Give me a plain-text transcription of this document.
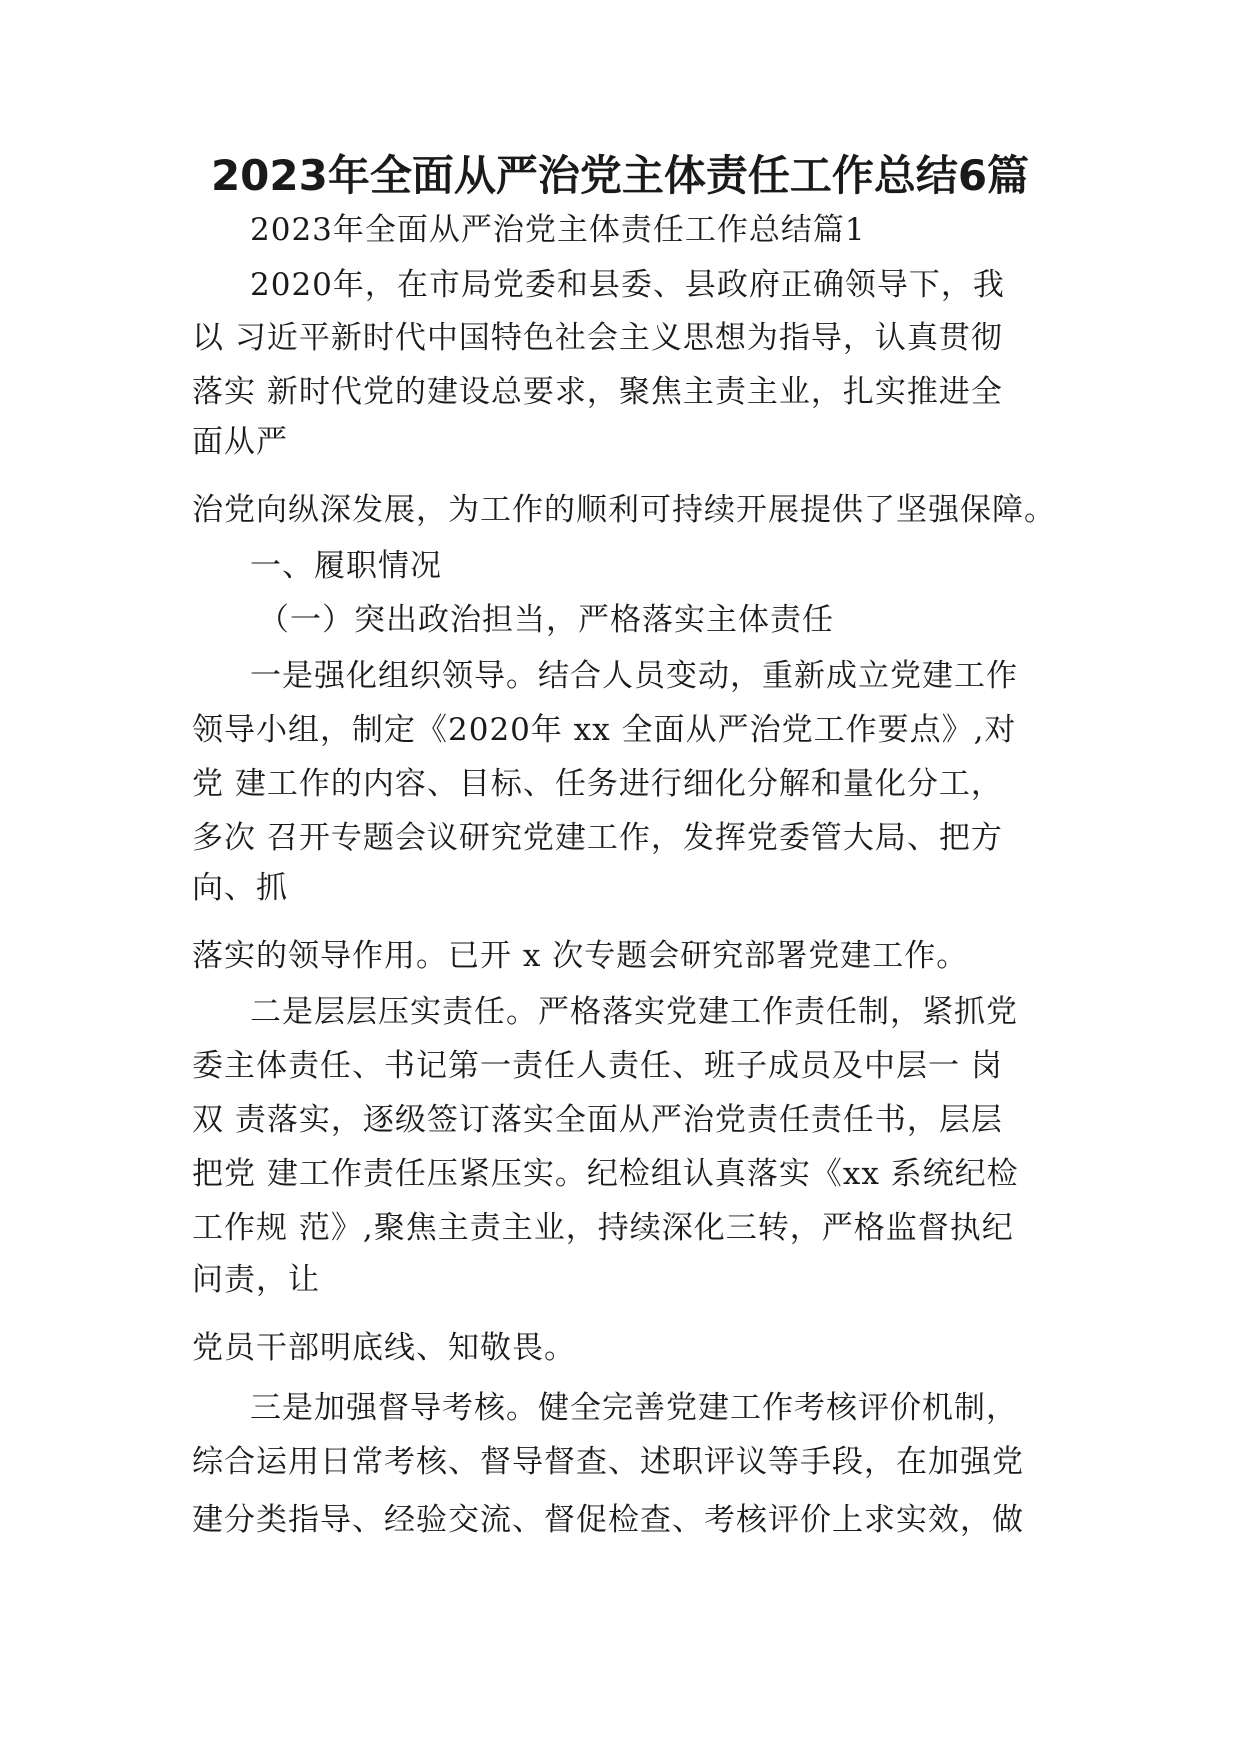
2023年全面从严治党主体责任工作总结6篇

2023年全面从严治党主体责任工作总结篇1

2020年，在市局党委和县委、县政府正确领导下，我

以 习近平新时代中国特色社会主义思想为指导，认真贯彻

落实 新时代党的建设总要求，聚焦主责主业，扎实推进全

面从严

治党向纵深发展，为工作的顺利可持续开展提供了坚强保障。

一、履职情况

（一）突出政治担当，严格落实主体责任

一是强化组织领导。结合人员变动，重新成立党建工作

领导小组，制定《2020年 xx 全面从严治党工作要点》,对

党 建工作的内容、目标、任务进行细化分解和量化分工，

多次 召开专题会议研究党建工作，发挥党委管大局、把方

向、抓

落实的领导作用。已开 x 次专题会研究部署党建工作。

二是层层压实责任。严格落实党建工作责任制，紧抓党

委主体责任、书记第一责任人责任、班子成员及中层一 岗

双 责落实，逐级签订落实全面从严治党责任责任书，层层

把党 建工作责任压紧压实。纪检组认真落实《xx 系统纪检

工作规 范》,聚焦主责主业，持续深化三转，严格监督执纪

问责，让

党员干部明底线、知敬畏。

三是加强督导考核。健全完善党建工作考核评价机制，

综合运用日常考核、督导督查、述职评议等手段，在加强党

建分类指导、经验交流、督促检查、考核评价上求实效，做
